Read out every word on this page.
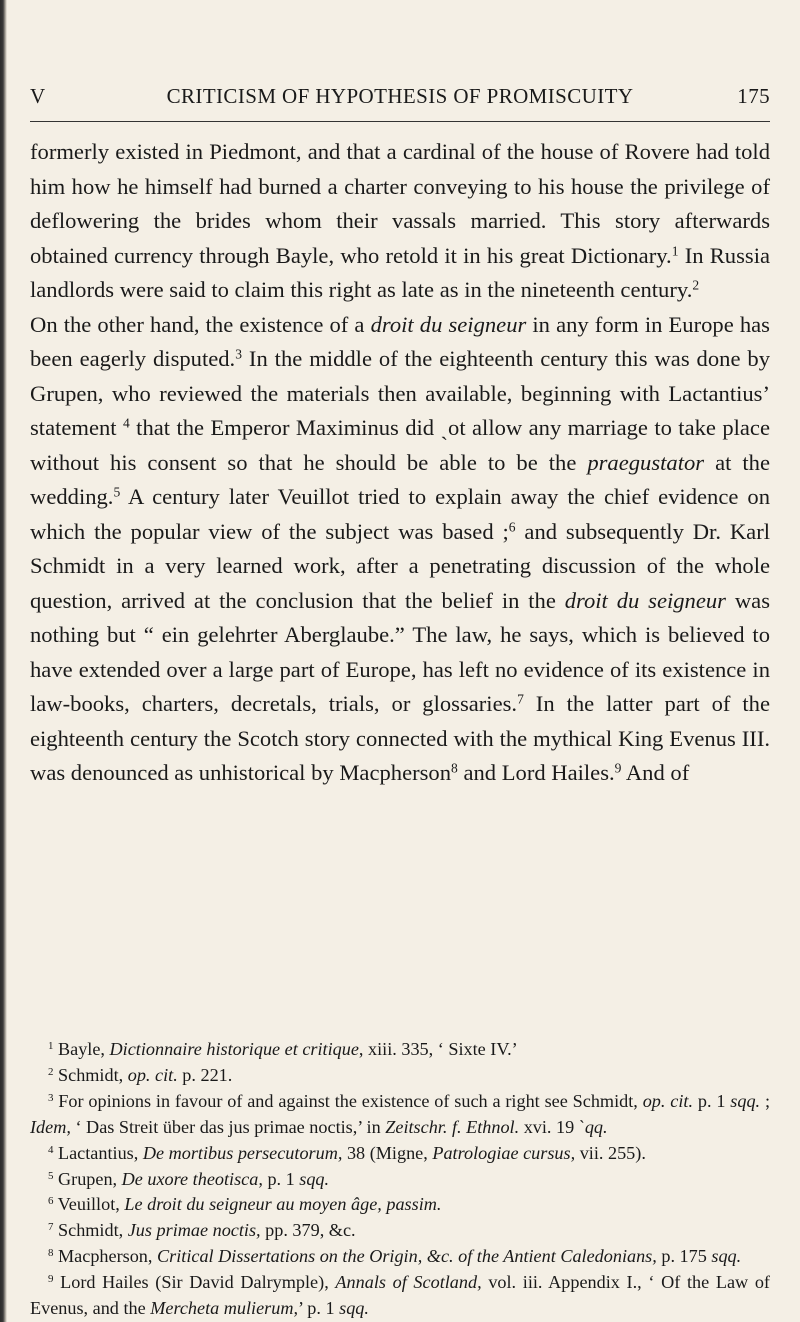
V	CRITICISM OF HYPOTHESIS OF PROMISCUITY	175

formerly existed in Piedmont, and that a cardinal of the house of Rovere had told him how he himself had burned a charter conveying to his house the privilege of deflowering the brides whom their vassals married. This story afterwards obtained currency through Bayle, who retold it in his great Dictionary.$^1$ In Russia landlords were said to claim this right as late as in the nineteenth century.$^2$

On the other hand, the existence of a droit du seigneur in any form in Europe has been eagerly disputed.$^3$ In the middle of the eighteenth century this was done by Grupen, who reviewed the materials then available, beginning with Lactantius’ statement $^4$ that the Emperor Maximinus did ˎot allow any marriage to take place without his consent so that he should be able to be the praegustator at the wedding.$^5$ A century later Veuillot tried to explain away the chief evidence on which the popular view of the subject was based ;$^6$ and subsequently Dr. Karl Schmidt in a very learned work, after a penetrating discussion of the whole question, arrived at the conclusion that the belief in the droit du seigneur was nothing but “ ein gelehrter Aberglaube.” The law, he says, which is believed to have extended over a large part of Europe, has left no evidence of its existence in law-books, charters, decretals, trials, or glossaries.$^7$ In the latter part of the eighteenth century the Scotch story connected with the mythical King Evenus III. was denounced as unhistorical by Macpherson$^8$ and Lord Hailes.$^9$ And of

$^1$ Bayle, Dictionnaire historique et critique, xiii. 335, ‘ Sixte IV.’

$^2$ Schmidt, op. cit. p. 221.

$^3$ For opinions in favour of and against the existence of such a right see Schmidt, op. cit. p. 1 sqq. ; Idem, ‘ Das Streit über das jus primae noctis,’ in Zeitschr. f. Ethnol. xvi. 19 ˋqq.

$^4$ Lactantius, De mortibus persecutorum, 38 (Migne, Patrologiae cursus, vii. 255).

$^5$ Grupen, De uxore theotisca, p. 1 sqq.

$^6$ Veuillot, Le droit du seigneur au moyen âge, passim.

$^7$ Schmidt, Jus primae noctis, pp. 379, &c.

$^8$ Macpherson, Critical Dissertations on the Origin, &c. of the Antient Caledonians, p. 175 sqq.

$^9$ Lord Hailes (Sir David Dalrymple), Annals of Scotland, vol. iii. Appendix I., ‘ Of the Law of Evenus, and the Mercheta mulierum,’ p. 1 sqq.
